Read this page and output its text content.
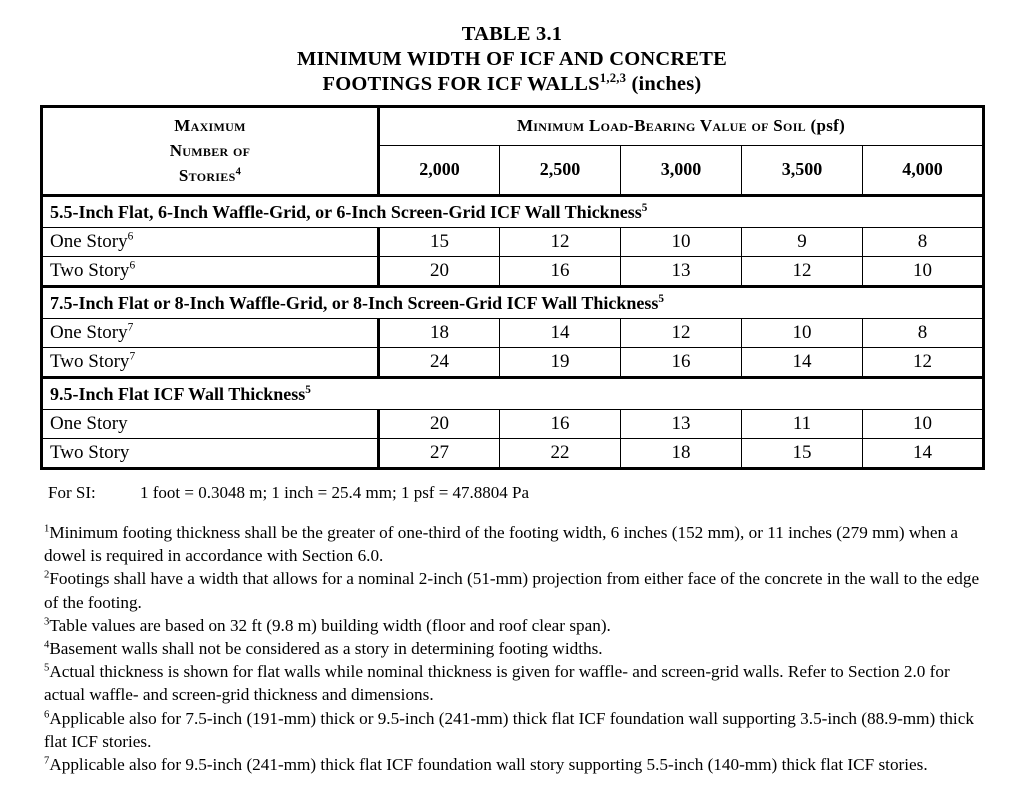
TABLE 3.1
MINIMUM WIDTH OF ICF AND CONCRETE
FOOTINGS FOR ICF WALLS$^{1,2,3}$ (inches)
Maximum
Number of
Stories$^4$	Minimum Load-Bearing Value of Soil (psf)				
	2,000	2,500	3,000	3,500	4,000
5.5-Inch Flat, 6-Inch Waffle-Grid, or 6-Inch Screen-Grid ICF Wall Thickness$^5$
One Story$^6$	15	12	10	9	8
Two Story$^6$	20	16	13	12	10
7.5-Inch Flat or 8-Inch Waffle-Grid, or 8-Inch Screen-Grid ICF Wall Thickness$^5$
One Story$^7$	18	14	12	10	8
Two Story$^7$	24	19	16	14	12
9.5-Inch Flat ICF Wall Thickness$^5$
One Story	20	16	13	11	10
Two Story	27	22	18	15	14
For SI:	1 foot = 0.3048 m; 1 inch = 25.4 mm; 1 psf = 47.8804 Pa

$^1$Minimum footing thickness shall be the greater of one-third of the footing width, 6 inches (152 mm), or 11 inches (279 mm) when a dowel is required in accordance with Section 6.0.

$^2$Footings shall have a width that allows for a nominal 2-inch (51-mm) projection from either face of the concrete in the wall to the edge of the footing.

$^3$Table values are based on 32 ft (9.8 m) building width (floor and roof clear span).

$^4$Basement walls shall not be considered as a story in determining footing widths.

$^5$Actual thickness is shown for flat walls while nominal thickness is given for waffle- and screen-grid walls. Refer to Section 2.0 for actual waffle- and screen-grid thickness and dimensions.

$^6$Applicable also for 7.5-inch (191-mm) thick or 9.5-inch (241-mm) thick flat ICF foundation wall supporting 3.5-inch (88.9-mm) thick flat ICF stories.

$^7$Applicable also for 9.5-inch (241-mm) thick flat ICF foundation wall story supporting 5.5-inch (140-mm) thick flat ICF stories.
